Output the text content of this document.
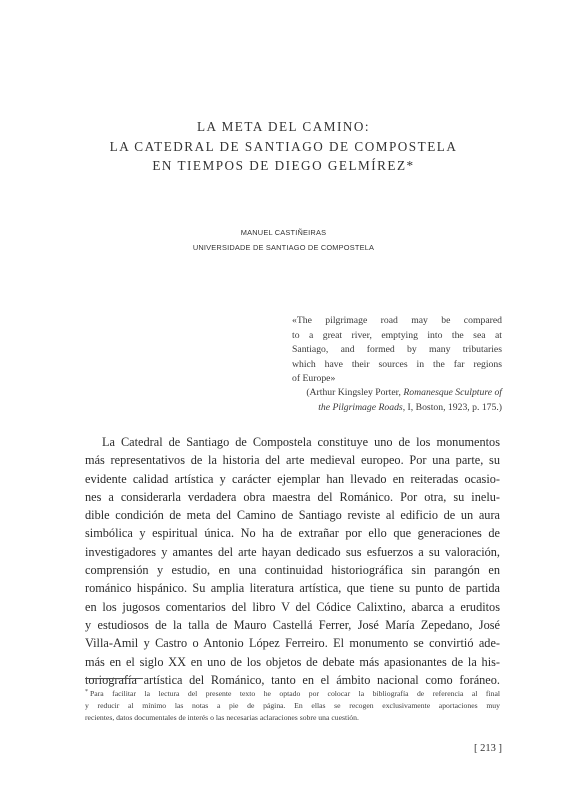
LA META DEL CAMINO:
LA CATEDRAL DE SANTIAGO DE COMPOSTELA
EN TIEMPOS DE DIEGO GELMÍREZ*
MANUEL CASTIÑEIRAS
UNIVERSIDADE DE SANTIAGO DE COMPOSTELA
«The pilgrimage road may be compared
to a great river, emptying into the sea at
Santiago, and formed by many tributaries
which have their sources in the far regions
of Europe»
(Arthur Kingsley Porter, Romanesque Sculpture of
the Pilgrimage Roads, I, Boston, 1923, p. 175.)
La Catedral de Santiago de Compostela constituye uno de los monumentos
más representativos de la historia del arte medieval europeo. Por una parte, su
evidente calidad artística y carácter ejemplar han llevado en reiteradas ocasio-
nes a considerarla verdadera obra maestra del Románico. Por otra, su inelu-
dible condición de meta del Camino de Santiago reviste al edificio de un aura
simbólica y espiritual única. No ha de extrañar por ello que generaciones de
investigadores y amantes del arte hayan dedicado sus esfuerzos a su valoración,
comprensión y estudio, en una continuidad historiográfica sin parangón en
románico hispánico. Su amplia literatura artística, que tiene su punto de partida
en los jugosos comentarios del libro V del Códice Calixtino, abarca a eruditos
y estudiosos de la talla de Mauro Castellá Ferrer, José María Zepedano, José
Villa-Amil y Castro o Antonio López Ferreiro. El monumento se convirtió ade-
más en el siglo XX en uno de los objetos de debate más apasionantes de la his-
toriografía artística del Románico, tanto en el ámbito nacional como foráneo.
* Para facilitar la lectura del presente texto he optado por colocar la bibliografía de referencia al final
y reducir al mínimo las notas a pie de página. En ellas se recogen exclusivamente aportaciones muy
recientes, datos documentales de interés o las necesarias aclaraciones sobre una cuestión.
[ 213 ]
